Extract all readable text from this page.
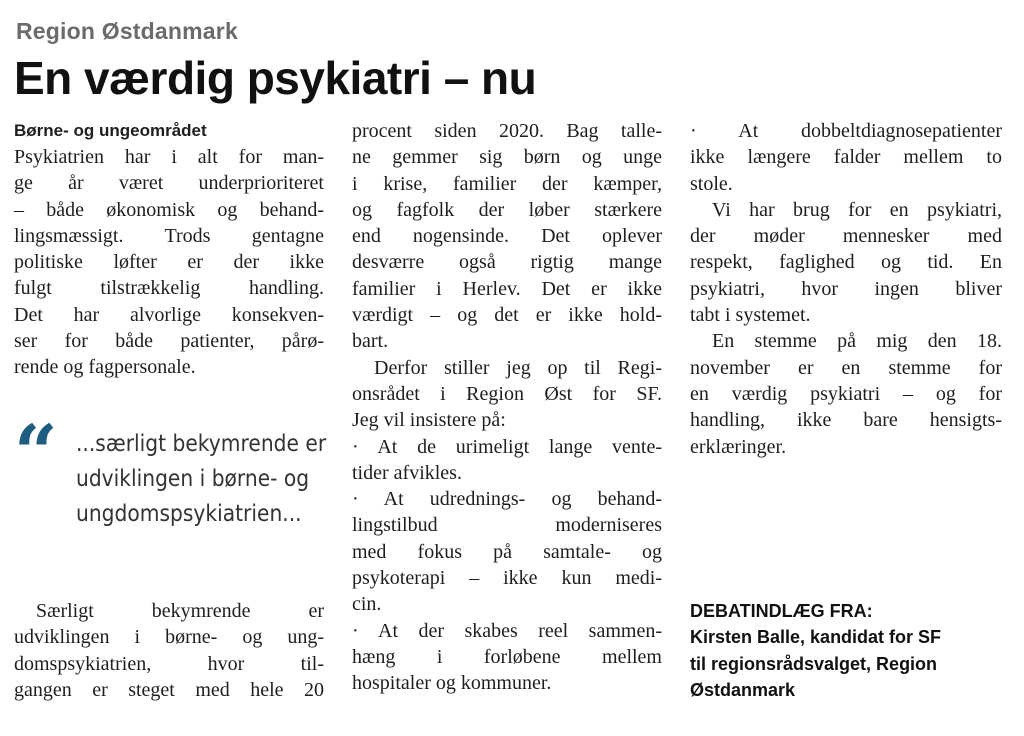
Region Østdanmark
En værdig psykiatri – nu
Børne- og ungeområdet
Psykiatrien har i alt for man-
ge år været underprioriteret
– både økonomisk og behand-
lingsmæssigt. Trods gentagne
politiske løfter er der ikke
fulgt tilstrækkelig handling.
Det har alvorlige konsekven-
ser for både patienter, pårø-
rende og fagpersonale.
“ ...særligt bekymrende er
udviklingen i børne- og
ungdomspsykiatrien...
Særligt bekymrende er
udviklingen i børne- og ung-
domspsykiatrien, hvor til-
gangen er steget med hele 20
procent siden 2020. Bag talle-
ne gemmer sig børn og unge
i krise, familier der kæmper,
og fagfolk der løber stærkere
end nogensinde. Det oplever
desværre også rigtig mange
familier i Herlev. Det er ikke
værdigt – og det er ikke hold-
bart.
Derfor stiller jeg op til Regi-
onsrådet i Region Øst for SF.
Jeg vil insistere på:
· At de urimeligt lange vente-
tider afvikles.
· At udrednings- og behand-
lingstilbud moderniseres
med fokus på samtale- og
psykoterapi – ikke kun medi-
cin.
· At der skabes reel sammen-
hæng i forløbene mellem
hospitaler og kommuner.
· At dobbeltdiagnosepatienter
ikke længere falder mellem to
stole.
Vi har brug for en psykiatri,
der møder mennesker med
respekt, faglighed og tid. En
psykiatri, hvor ingen bliver
tabt i systemet.
En stemme på mig den 18.
november er en stemme for
en værdig psykiatri – og for
handling, ikke bare hensigts-
erklæringer.
DEBATINDLÆG FRA:
Kirsten Balle, kandidat for SF
til regionsrådsvalget, Region
Østdanmark
